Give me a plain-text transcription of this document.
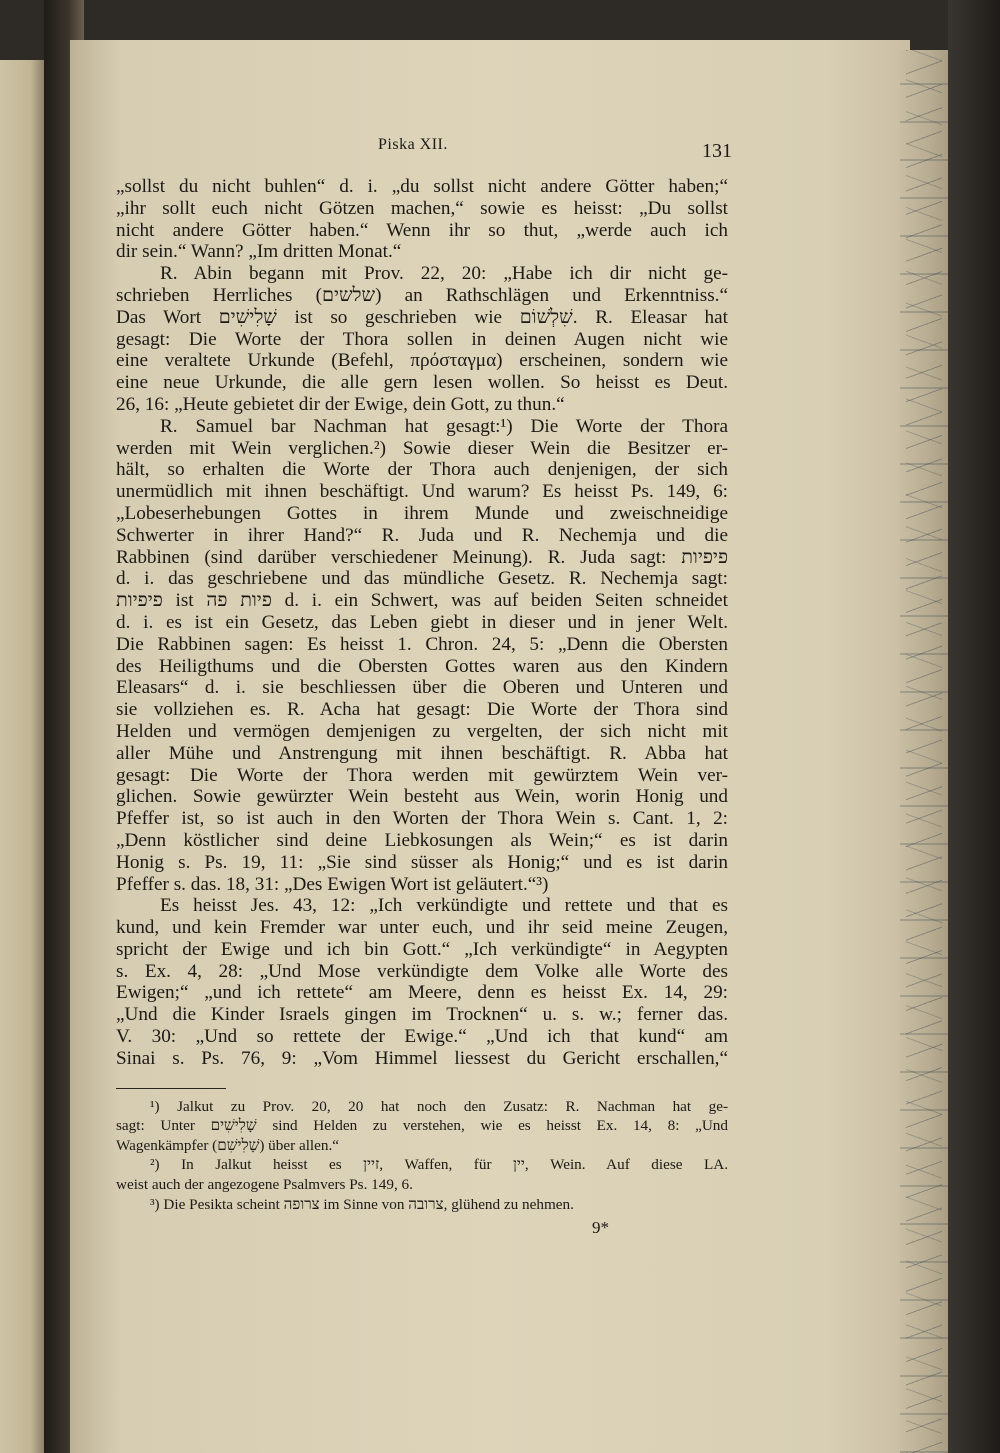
Piska XII.	131
„sollst du nicht buhlen“ d. i. „du sollst nicht andere Götter haben;“
„ihr sollt euch nicht Götzen machen,“ sowie es heisst: „Du sollst
nicht andere Götter haben.“ Wenn ihr so thut, „werde auch ich
dir sein.“ Wann? „Im dritten Monat.“
R. Abin begann mit Prov. 22, 20: „Habe ich dir nicht ge-
schrieben Herrliches (שלשים) an Rathschlägen und Erkenntniss.“
Das Wort שָׁלִישִׁים ist so geschrieben wie שִׁלְשׁוֹם. R. Eleasar hat
gesagt: Die Worte der Thora sollen in deinen Augen nicht wie
eine veraltete Urkunde (Befehl, πρόσταγμα) erscheinen, sondern wie
eine neue Urkunde, die alle gern lesen wollen. So heisst es Deut.
26, 16: „Heute gebietet dir der Ewige, dein Gott, zu thun.“
R. Samuel bar Nachman hat gesagt:¹) Die Worte der Thora
werden mit Wein verglichen.²) Sowie dieser Wein die Besitzer er-
hält, so erhalten die Worte der Thora auch denjenigen, der sich
unermüdlich mit ihnen beschäftigt. Und warum? Es heisst Ps. 149, 6:
„Lobeserhebungen Gottes in ihrem Munde und zweischneidige
Schwerter in ihrer Hand?“ R. Juda und R. Nechemja und die
Rabbinen (sind darüber verschiedener Meinung). R. Juda sagt: פיפיות
d. i. das geschriebene und das mündliche Gesetz. R. Nechemja sagt:
פיפיות ist פיות פה d. i. ein Schwert, was auf beiden Seiten schneidet
d. i. es ist ein Gesetz, das Leben giebt in dieser und in jener Welt.
Die Rabbinen sagen: Es heisst 1. Chron. 24, 5: „Denn die Obersten
des Heiligthums und die Obersten Gottes waren aus den Kindern
Eleasars“ d. i. sie beschliessen über die Oberen und Unteren und
sie vollziehen es. R. Acha hat gesagt: Die Worte der Thora sind
Helden und vermögen demjenigen zu vergelten, der sich nicht mit
aller Mühe und Anstrengung mit ihnen beschäftigt. R. Abba hat
gesagt: Die Worte der Thora werden mit gewürztem Wein ver-
glichen. Sowie gewürzter Wein besteht aus Wein, worin Honig und
Pfeffer ist, so ist auch in den Worten der Thora Wein s. Cant. 1, 2:
„Denn köstlicher sind deine Liebkosungen als Wein;“ es ist darin
Honig s. Ps. 19, 11: „Sie sind süsser als Honig;“ und es ist darin
Pfeffer s. das. 18, 31: „Des Ewigen Wort ist geläutert.“³)
Es heisst Jes. 43, 12: „Ich verkündigte und rettete und that es
kund, und kein Fremder war unter euch, und ihr seid meine Zeugen,
spricht der Ewige und ich bin Gott.“ „Ich verkündigte“ in Aegypten
s. Ex. 4, 28: „Und Mose verkündigte dem Volke alle Worte des
Ewigen;“ „und ich rettete“ am Meere, denn es heisst Ex. 14, 29:
„Und die Kinder Israels gingen im Trocknen“ u. s. w.; ferner das.
V. 30: „Und so rettete der Ewige.“ „Und ich that kund“ am
Sinai s. Ps. 76, 9: „Vom Himmel liessest du Gericht erschallen,“
¹) Jalkut zu Prov. 20, 20 hat noch den Zusatz: R. Nachman hat ge-
sagt: Unter שָׁלִישִׁים sind Helden zu verstehen, wie es heisst Ex. 14, 8: „Und
Wagenkämpfer (שָׁלִישִׁם) über allen.“
²) In Jalkut heisst es זיין, Waffen, für יין, Wein. Auf diese LA.
weist auch der angezogene Psalmvers Ps. 149, 6.
³) Die Pesikta scheint צרופה im Sinne von צרובה, glühend zu nehmen.
9*
